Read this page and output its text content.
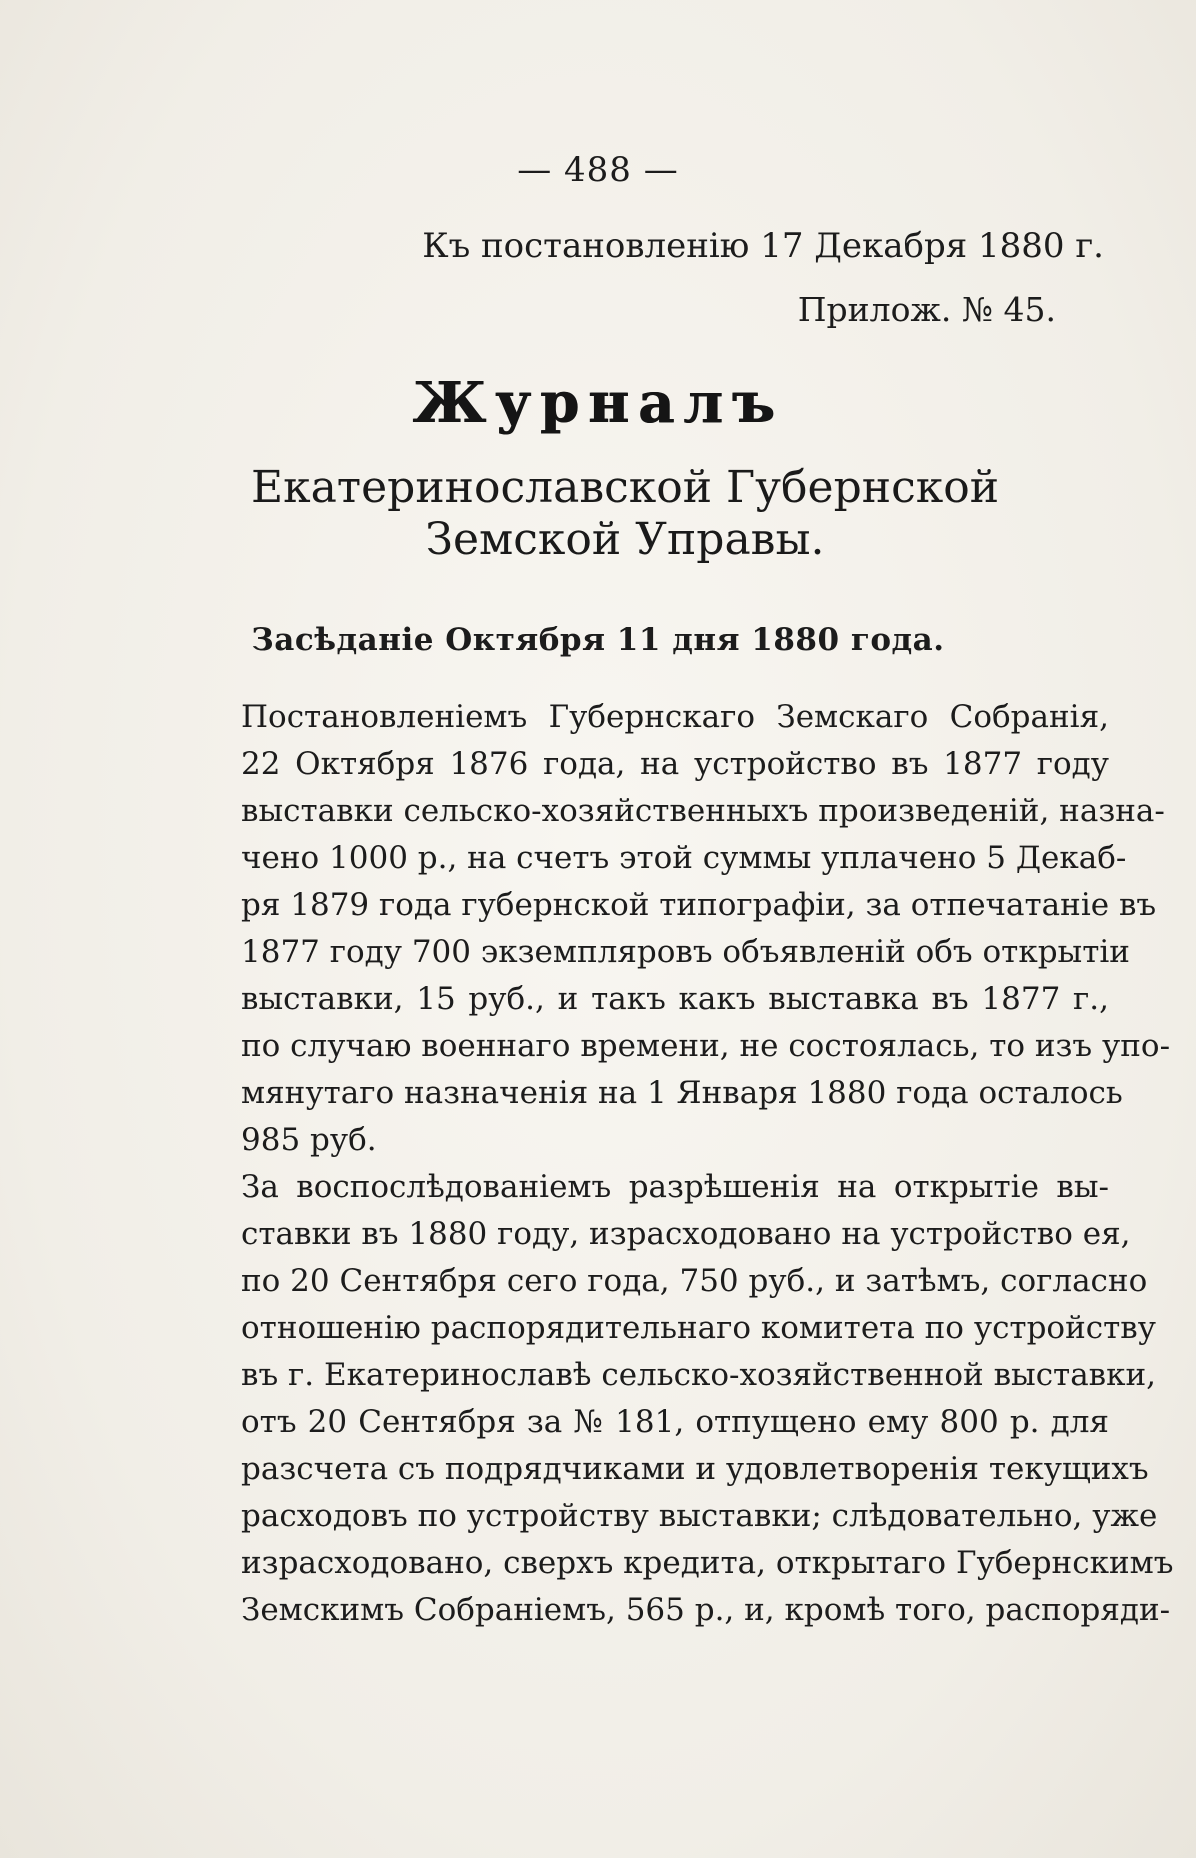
— 488 —
Къ постановленію 17 Декабря 1880 г.
Прилож. № 45.
Журналъ
Екатеринославской Губернской Земской Управы.
Засѣданіе Октября 11 дня 1880 года.

Постановленіемъ Губернскаго Земскаго Собранія,
22 Октября 1876 года, на устройство въ 1877 году
выставки сельско-хозяйственныхъ произведеній, назна-
чено 1000 р., на счетъ этой суммы уплачено 5 Декаб-
ря 1879 года губернской типографіи, за отпечатаніе въ
1877 году 700 экземпляровъ объявленій объ открытіи
выставки, 15 руб., и такъ какъ выставка въ 1877 г.,
по случаю военнаго времени, не состоялась, то изъ упо-
мянутаго назначенія на 1 Января 1880 года осталось
985 руб.

За воспослѣдованіемъ разрѣшенія на открытіе вы-
ставки въ 1880 году, израсходовано на устройство ея,
по 20 Сентября сего года, 750 руб., и затѣмъ, согласно
отношенію распорядительнаго комитета по устройству
въ г. Екатеринославѣ сельско-хозяйственной выставки,
отъ 20 Сентября за № 181, отпущено ему 800 р. для
разсчета съ подрядчиками и удовлетворенія текущихъ
расходовъ по устройству выставки; слѣдовательно, уже
израсходовано, сверхъ кредита, открытаго Губернскимъ
Земскимъ Собраніемъ, 565 р., и, кромѣ того, распоряди-
